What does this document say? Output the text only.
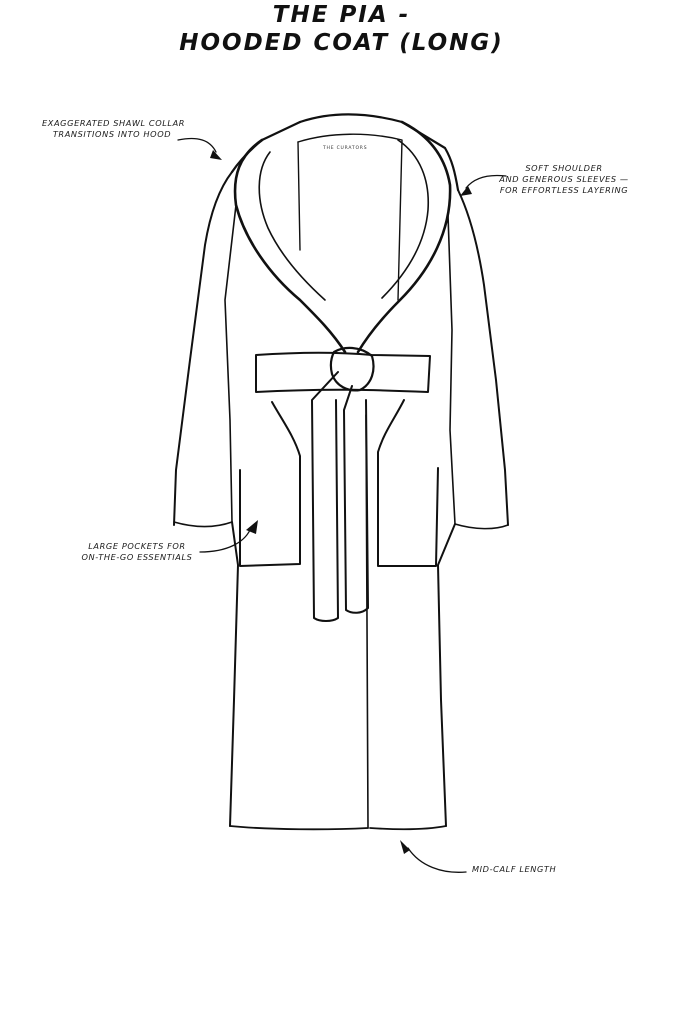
THE PIA -
HOODED COAT (LONG)
THE CURATORS
EXAGGERATED SHAWL COLLAR
TRANSITIONS INTO HOOD
SOFT SHOULDER
AND GENEROUS SLEEVES —
FOR EFFORTLESS LAYERING
LARGE POCKETS FOR
ON-THE-GO ESSENTIALS
MID-CALF LENGTH
